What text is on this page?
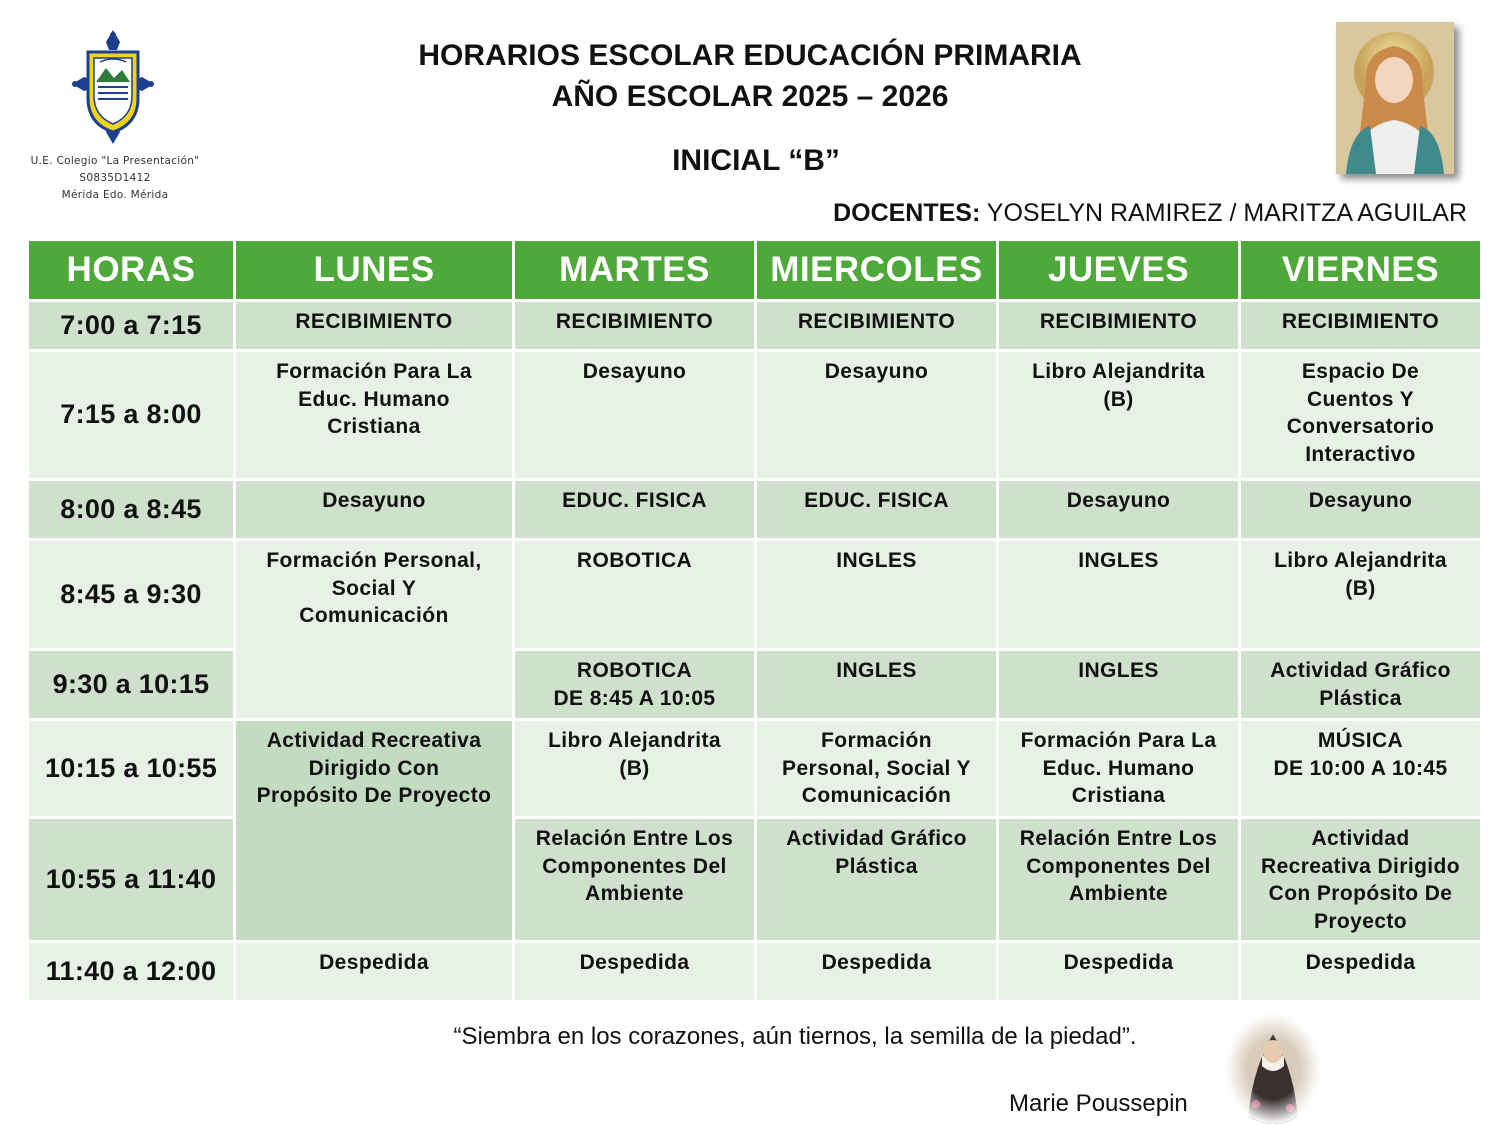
U.E. Colegio "La Presentación"
S0835D1412
Mérida Edo. Mérida
HORARIOS ESCOLAR EDUCACIÓN PRIMARIA
AÑO ESCOLAR 2025 – 2026
INICIAL “B”
DOCENTES: YOSELYN RAMIREZ / MARITZA AGUILAR
HORAS	LUNES	MARTES	MIERCOLES	JUEVES	VIERNES
7:00 a 7:15	RECIBIMIENTO	RECIBIMIENTO	RECIBIMIENTO	RECIBIMIENTO	RECIBIMIENTO

7:15 a 8:00	Formación Para La
Educ. Humano
Cristiana	Desayuno	Desayuno	Libro Alejandrita
(B)	Espacio De
Cuentos Y
Conversatorio
Interactivo

8:00 a 8:45	Desayuno	EDUC. FISICA	EDUC. FISICA	Desayuno	Desayuno

8:45 a 9:30	Formación Personal,
Social Y
Comunicación	ROBOTICA	INGLES	INGLES	Libro Alejandrita
(B)

9:30 a 10:15		ROBOTICA
DE 8:45 A 10:05	INGLES	INGLES	Actividad Gráfico
Plástica

10:15 a 10:55	Actividad Recreativa
Dirigido Con
Propósito De Proyecto	Libro Alejandrita
(B)	Formación
Personal, Social Y
Comunicación	Formación Para La
Educ. Humano
Cristiana	MÚSICA
DE 10:00 A 10:45

10:55 a 11:40		Relación Entre Los
Componentes Del
Ambiente	Actividad Gráfico
Plástica	Relación Entre Los
Componentes Del
Ambiente	Actividad
Recreativa Dirigido
Con Propósito De
Proyecto

11:40 a 12:00	Despedida	Despedida	Despedida	Despedida	Despedida
“Siembra en los corazones, aún tiernos, la semilla de la piedad”.
Marie Poussepin
